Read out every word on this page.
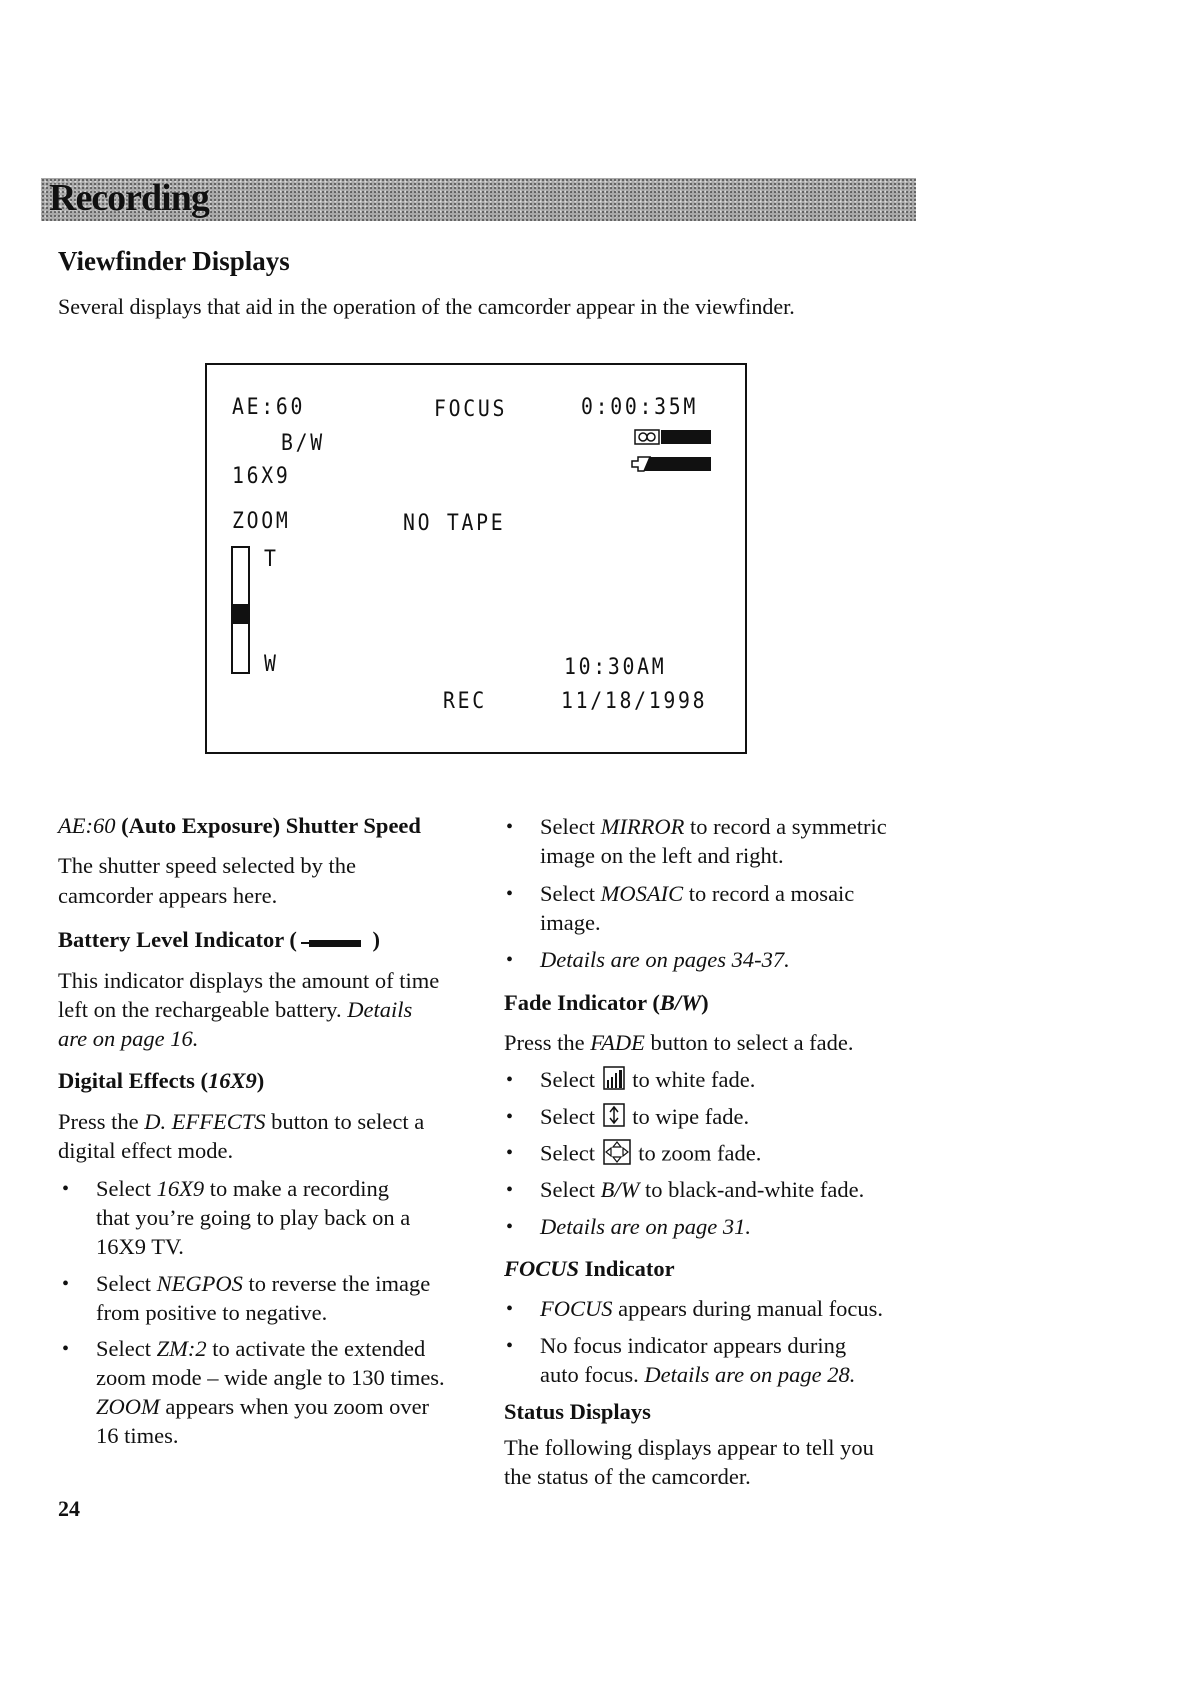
Recording
Viewfinder Displays
Several displays that aid in the operation of the camcorder appear in the viewfinder.
AE:60	FOCUS	0:00:35M
B/W
16X9
ZOOM	NO TAPE
T
W	10:30AM
REC	11/18/1998
AE:60 (Auto Exposure) Shutter Speed
The shutter speed selected by the
camcorder appears here.
Battery Level Indicator (	)
This indicator displays the amount of time
left on the rechargeable battery. Details
are on page 16.
Digital Effects (16X9)
Press the D. EFFECTS button to select a
digital effect mode.
• Select 16X9 to make a recording
that you’re going to play back on a
16X9 TV.
• Select NEGPOS to reverse the image
from positive to negative.
• Select ZM:2 to activate the extended
zoom mode – wide angle to 130 times.
ZOOM appears when you zoom over
16 times.
• Select MIRROR to record a symmetric
image on the left and right.
• Select MOSAIC to record a mosaic
image.
• Details are on pages 34-37.
Fade Indicator (B/W)
Press the FADE button to select a fade.
• Select  to white fade.
• Select  to wipe fade.
• Select  to zoom fade.
• Select B/W to black-and-white fade.
• Details are on page 31.
FOCUS Indicator
• FOCUS appears during manual focus.
• No focus indicator appears during
auto focus. Details are on page 28.
Status Displays
The following displays appear to tell you
the status of the camcorder.
24
